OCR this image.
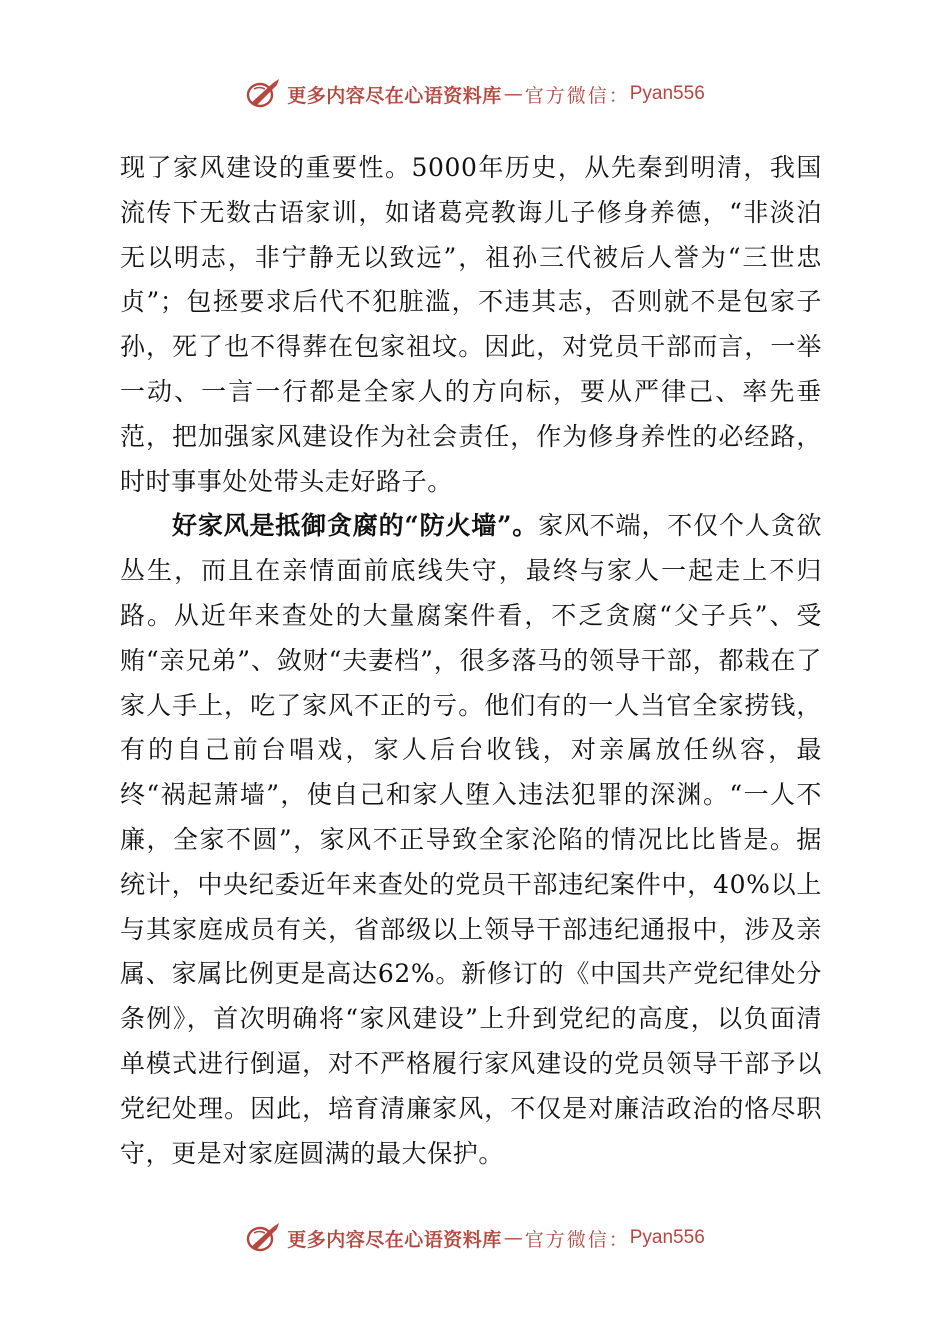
更多内容尽在心语资料库 — 官方微信： Pyan556

现了家风建设的重要性。5000年历史，从先秦到明清，我国流传下无数古语家训，如诸葛亮教诲儿子修身养德，“非淡泊无以明志，非宁静无以致远”，祖孙三代被后人誉为“三世忠贞”；包拯要求后代不犯脏滥，不违其志，否则就不是包家子孙，死了也不得葬在包家祖坟。因此，对党员干部而言，一举一动、一言一行都是全家人的方向标，要从严律己、率先垂范，把加强家风建设作为社会责任，作为修身养性的必经路，时时事事处处带头走好路子。

好家风是抵御贪腐的“防火墙”。家风不端，不仅个人贪欲丛生，而且在亲情面前底线失守，最终与家人一起走上不归路。从近年来查处的大量腐案件看，不乏贪腐“父子兵”、受贿“亲兄弟”、敛财“夫妻档”，很多落马的领导干部，都栽在了家人手上，吃了家风不正的亏。他们有的一人当官全家捞钱，有的自己前台唱戏，家人后台收钱，对亲属放任纵容，最终“祸起萧墙”，使自己和家人堕入违法犯罪的深渊。“一人不廉，全家不圆”，家风不正导致全家沦陷的情况比比皆是。据统计，中央纪委近年来查处的党员干部违纪案件中，40%以上与其家庭成员有关，省部级以上领导干部违纪通报中，涉及亲属、家属比例更是高达62%。新修订的《中国共产党纪律处分条例》，首次明确将“家风建设”上升到党纪的高度，以负面清单模式进行倒逼，对不严格履行家风建设的党员领导干部予以党纪处理。因此，培育清廉家风，不仅是对廉洁政治的恪尽职守，更是对家庭圆满的最大保护。

更多内容尽在心语资料库 — 官方微信： Pyan556
